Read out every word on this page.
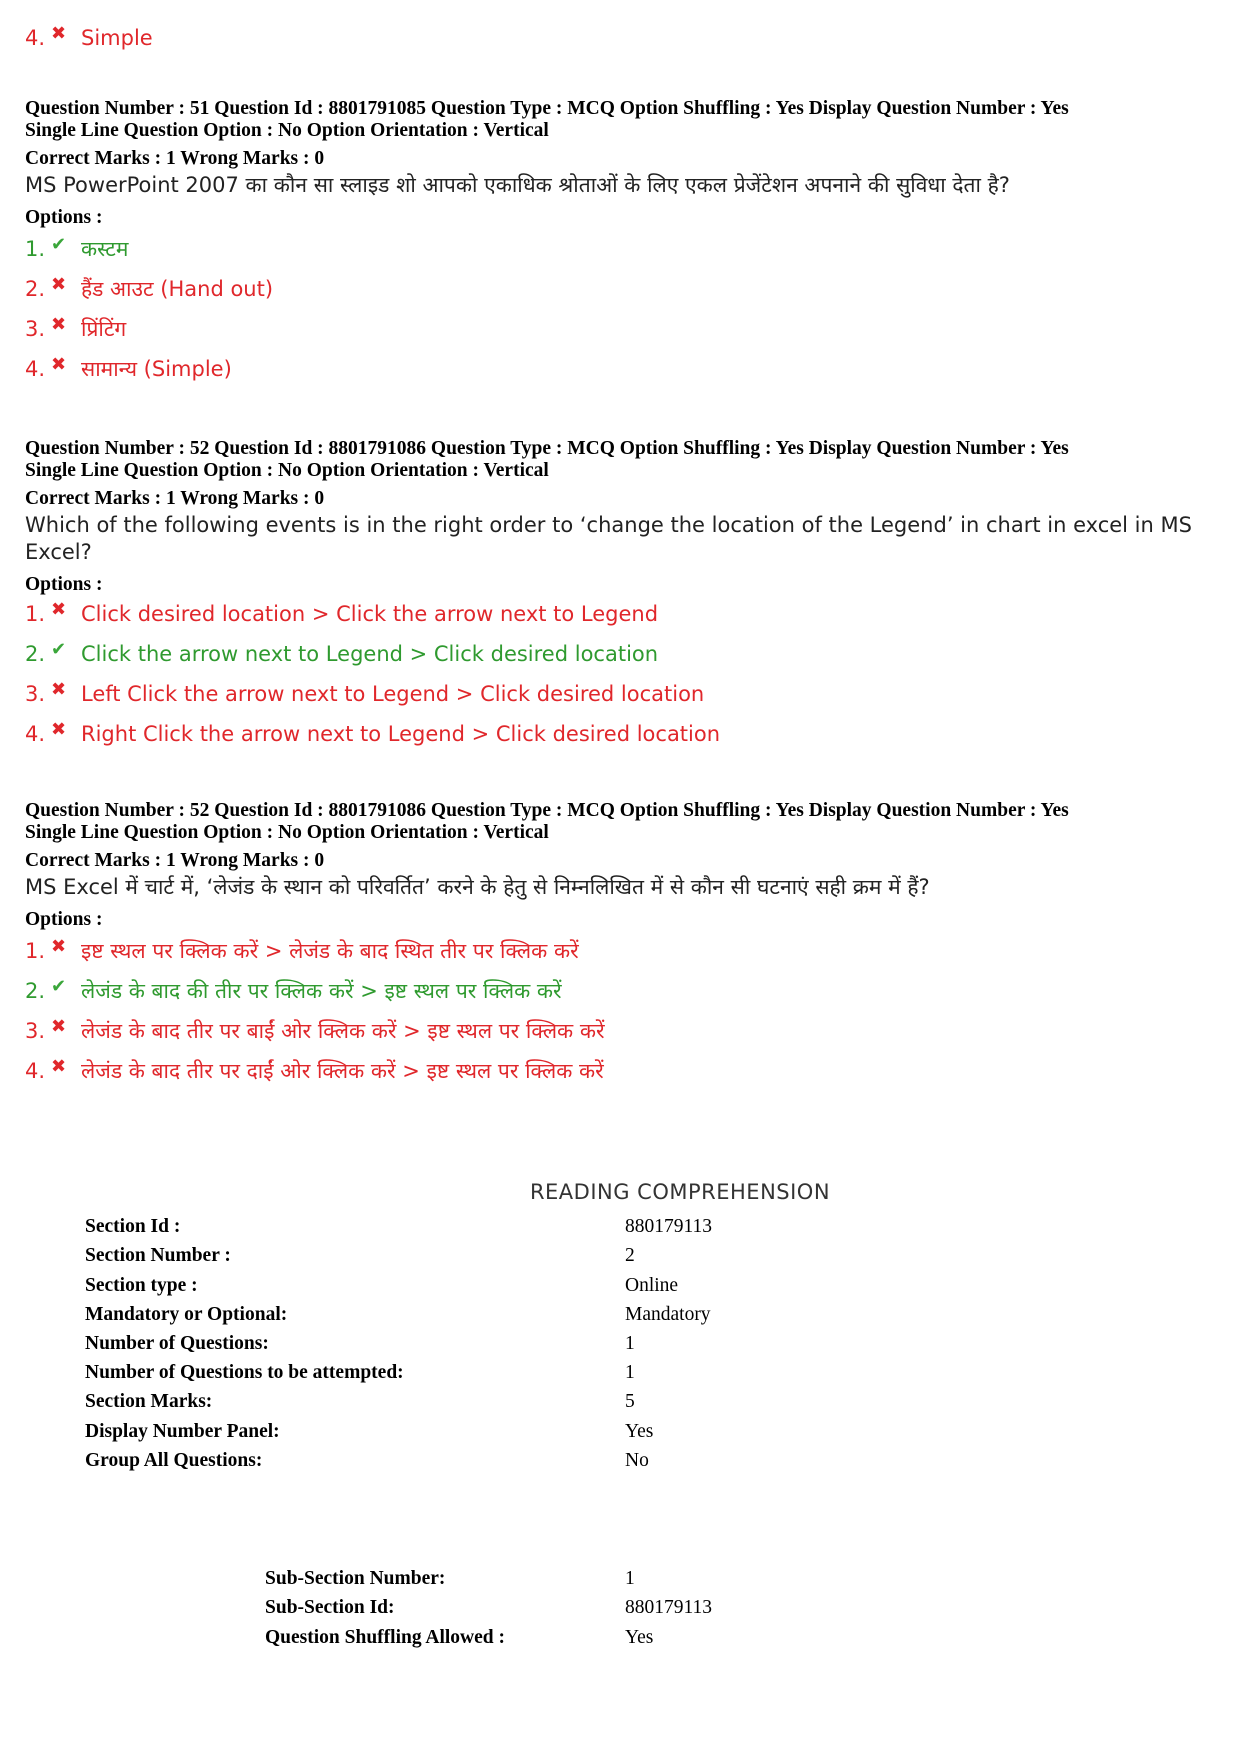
4. ✖ Simple
Question Number : 51 Question Id : 8801791085 Question Type : MCQ Option Shuffling : Yes Display Question Number : Yes
Single Line Question Option : No Option Orientation : Vertical
Correct Marks : 1 Wrong Marks : 0
MS PowerPoint 2007 का कौन सा स्लाइड शो आपको एकाधिक श्रोताओं के लिए एकल प्रेजेंटेशन अपनाने की सुविधा देता है?
Options :
1. ✔ कस्टम
2. ✖ हैंड आउट (Hand out)
3. ✖ प्रिंटिंग
4. ✖ सामान्य (Simple)
Question Number : 52 Question Id : 8801791086 Question Type : MCQ Option Shuffling : Yes Display Question Number : Yes
Single Line Question Option : No Option Orientation : Vertical
Correct Marks : 1 Wrong Marks : 0
Which of the following events is in the right order to ‘change the location of the Legend’ in chart in excel in MS Excel?
Options :
1. ✖ Click desired location > Click the arrow next to Legend
2. ✔ Click the arrow next to Legend > Click desired location
3. ✖ Left Click the arrow next to Legend > Click desired location
4. ✖ Right Click the arrow next to Legend > Click desired location
Question Number : 52 Question Id : 8801791086 Question Type : MCQ Option Shuffling : Yes Display Question Number : Yes
Single Line Question Option : No Option Orientation : Vertical
Correct Marks : 1 Wrong Marks : 0
MS Excel में चार्ट में, ‘लेजंड के स्थान को परिवर्तित’ करने के हेतु से निम्नलिखित में से कौन सी घटनाएं सही क्रम में हैं?
Options :
1. ✖ इष्ट स्थल पर क्लिक करें > लेजंड के बाद स्थित तीर पर क्लिक करें
2. ✔ लेजंड के बाद की तीर पर क्लिक करें > इष्ट स्थल पर क्लिक करें
3. ✖ लेजंड के बाद तीर पर बाईं ओर क्लिक करें > इष्ट स्थल पर क्लिक करें
4. ✖ लेजंड के बाद तीर पर दाईं ओर क्लिक करें > इष्ट स्थल पर क्लिक करें
READING COMPREHENSION
Section Id :	880179113
Section Number :	2
Section type :	Online
Mandatory or Optional:	Mandatory
Number of Questions:	1
Number of Questions to be attempted:	1
Section Marks:	5
Display Number Panel:	Yes
Group All Questions:	No
Sub-Section Number:	1
Sub-Section Id:	880179113
Question Shuffling Allowed :	Yes
